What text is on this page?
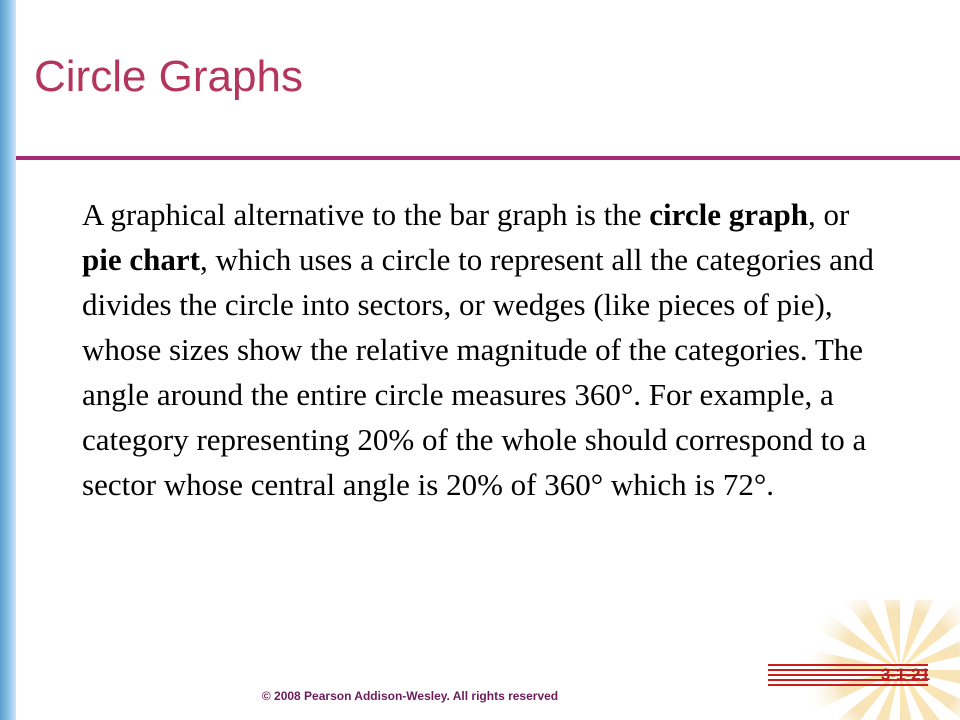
Circle Graphs

A graphical alternative to the bar graph is the circle graph, or pie chart, which uses a circle to represent all the categories and divides the circle into sectors, or wedges (like pieces of pie), whose sizes show the relative magnitude of the categories. The angle around the entire circle measures 360°. For example, a category representing 20% of the whole should correspond to a sector whose central angle is 20% of 360° which is 72°.

3-1-21
© 2008 Pearson Addison-Wesley. All rights reserved
